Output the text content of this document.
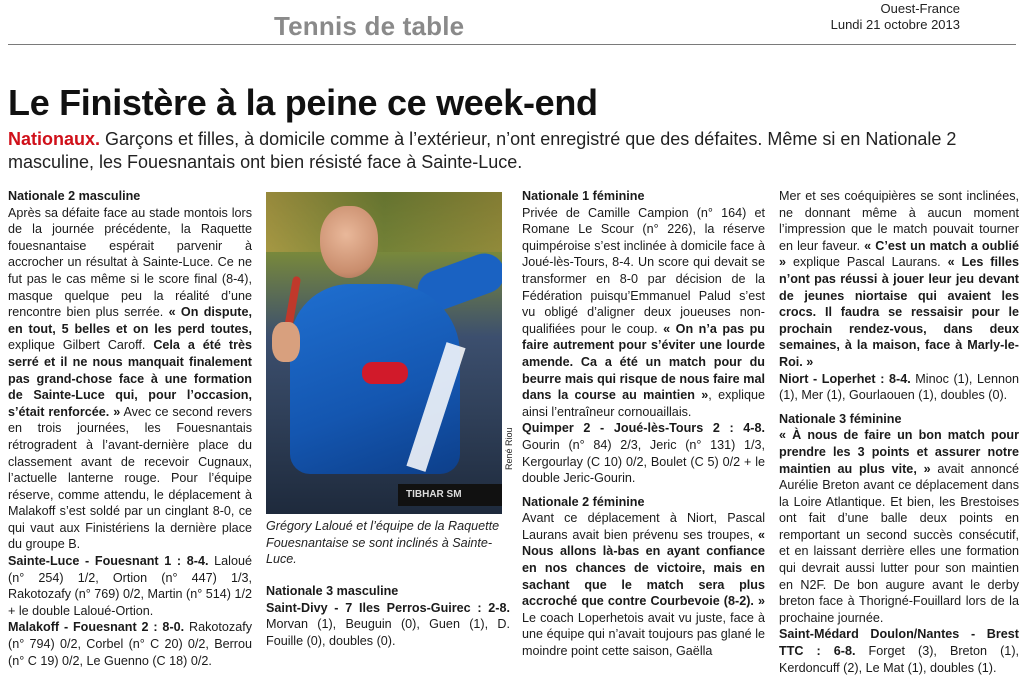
Tennis de table
Ouest-France
Lundi 21 octobre 2013
Le Finistère à la peine ce week-end
Nationaux. Garçons et filles, à domicile comme à l’extérieur, n’ont enregistré que des défaites. Même si en Nationale 2 masculine, les Fouesnantais ont bien résisté face à Sainte-Luce.
Nationale 2 masculine

Après sa défaite face au stade montois lors de la journée précédente, la Raquette fouesnantaise espérait parvenir à accrocher un résultat à Sainte-Luce. Ce ne fut pas le cas même si le score final (8-4), masque quelque peu la réalité d’une rencontre bien plus serrée. « On dispute, en tout, 5 belles et on les perd toutes, explique Gilbert Caroff. Cela a été très serré et il ne nous manquait finalement pas grand-chose face à une formation de Sainte-Luce qui, pour l’occasion, s’était renforcée. » Avec ce second revers en trois journées, les Fouesnantais rétrogradent à l’avant-dernière place du classement avant de recevoir Cugnaux, l’actuelle lanterne rouge. Pour l’équipe réserve, comme attendu, le déplacement à Malakoff s’est soldé par un cinglant 8-0, ce qui vaut aux Finistériens la dernière place du groupe B.

Sainte-Luce - Fouesnant 1 : 8-4. Laloué (n° 254) 1/2, Ortion (n° 447) 1/3, Rakotozafy (n° 769) 0/2, Martin (n° 514) 1/2 + le double Laloué-Ortion.

Malakoff - Fouesnant 2 : 8-0. Rakotozafy (n° 794) 0/2, Corbel (n° C 20) 0/2, Berrou (n° C 19) 0/2, Le Guenno (C 18) 0/2.

TIBHAR SM
René Riou
Grégory Laloué et l’équipe de la Raquette Fouesnantaise se sont inclinés à Sainte-Luce.
Nationale 3 masculine

Saint-Divy - 7 Iles Perros-Guirec : 2-8. Morvan (1), Beuguin (0), Guen (1), D. Fouille (0), doubles (0).

Nationale 1 féminine

Privée de Camille Campion (n° 164) et Romane Le Scour (n° 226), la réserve quimpéroise s’est inclinée à domicile face à Joué-lès-Tours, 8-4. Un score qui devait se transformer en 8-0 par décision de la Fédération puisqu’Emmanuel Palud s’est vu obligé d’aligner deux joueuses non-qualifiées pour le coup. « On n’a pas pu faire autrement pour s’éviter une lourde amende. Ca a été un match pour du beurre mais qui risque de nous faire mal dans la course au maintien », explique ainsi l’entraîneur cornouaillais.

Quimper 2 - Joué-lès-Tours 2 : 4-8. Gourin (n° 84) 2/3, Jeric (n° 131) 1/3, Kergourlay (C 10) 0/2, Boulet (C 5) 0/2 + le double Jeric-Gourin.

Nationale 2 féminine

Avant ce déplacement à Niort, Pascal Laurans avait bien prévenu ses troupes, « Nous allons là-bas en ayant confiance en nos chances de victoire, mais en sachant que le match sera plus accroché que contre Courbevoie (8-2). » Le coach Loperhetois avait vu juste, face à une équipe qui n’avait toujours pas glané le moindre point cette saison, Gaëlla

Mer et ses coéquipières se sont inclinées, ne donnant même à aucun moment l’impression que le match pouvait tourner en leur faveur. « C’est un match a oublié » explique Pascal Laurans. « Les filles n’ont pas réussi à jouer leur jeu devant de jeunes niortaise qui avaient les crocs. Il faudra se ressaisir pour le prochain rendez-vous, dans deux semaines, à la maison, face à Marly-le-Roi. »

Niort - Loperhet : 8-4. Minoc (1), Lennon (1), Mer (1), Gourlaouen (1), doubles (0).

Nationale 3 féminine

« À nous de faire un bon match pour prendre les 3 points et assurer notre maintien au plus vite, » avait annoncé Aurélie Breton avant ce déplacement dans la Loire Atlantique. Et bien, les Brestoises ont fait d’une balle deux points en remportant un second succès consécutif, et en laissant derrière elles une formation qui devrait aussi lutter pour son maintien en N2F. De bon augure avant le derby breton face à Thorigné-Fouillard lors de la prochaine journée.

Saint-Médard Doulon/Nantes - Brest TTC : 6-8. Forget (3), Breton (1), Kerdoncuff (2), Le Mat (1), doubles (1).
